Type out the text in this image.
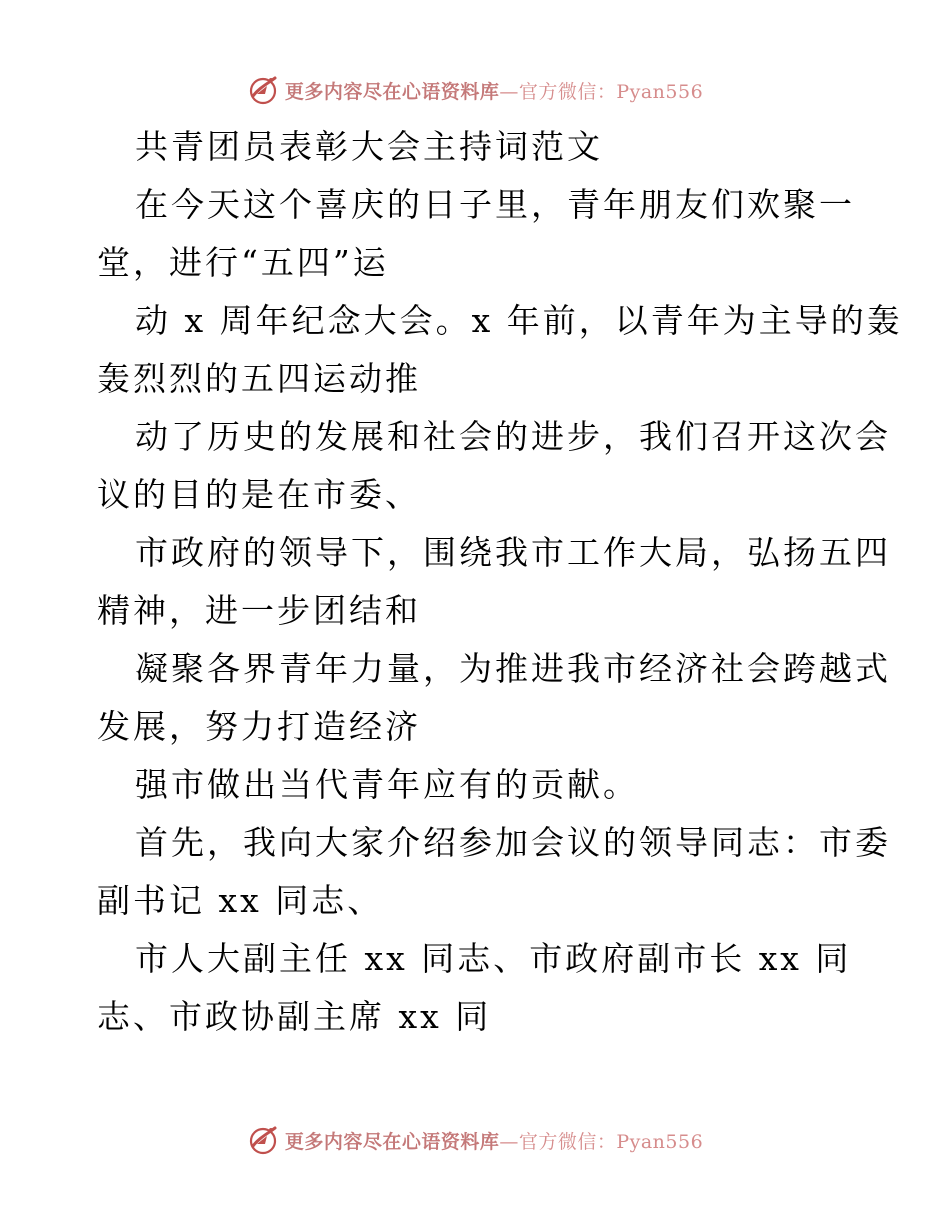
更多内容尽在心语资料库—官方微信：Pyan556

共青团员表彰大会主持词范文

在今天这个喜庆的日子里，青年朋友们欢聚一

堂，进行“五四”运

动 x 周年纪念大会。x 年前，以青年为主导的轰

轰烈烈的五四运动推

动了历史的发展和社会的进步，我们召开这次会

议的目的是在市委、

市政府的领导下，围绕我市工作大局，弘扬五四

精神，进一步团结和

凝聚各界青年力量，为推进我市经济社会跨越式

发展，努力打造经济

强市做出当代青年应有的贡献。

首先，我向大家介绍参加会议的领导同志：市委

副书记 xx 同志、

市人大副主任 xx 同志、市政府副市长 xx 同

志、市政协副主席 xx 同

更多内容尽在心语资料库—官方微信：Pyan556
